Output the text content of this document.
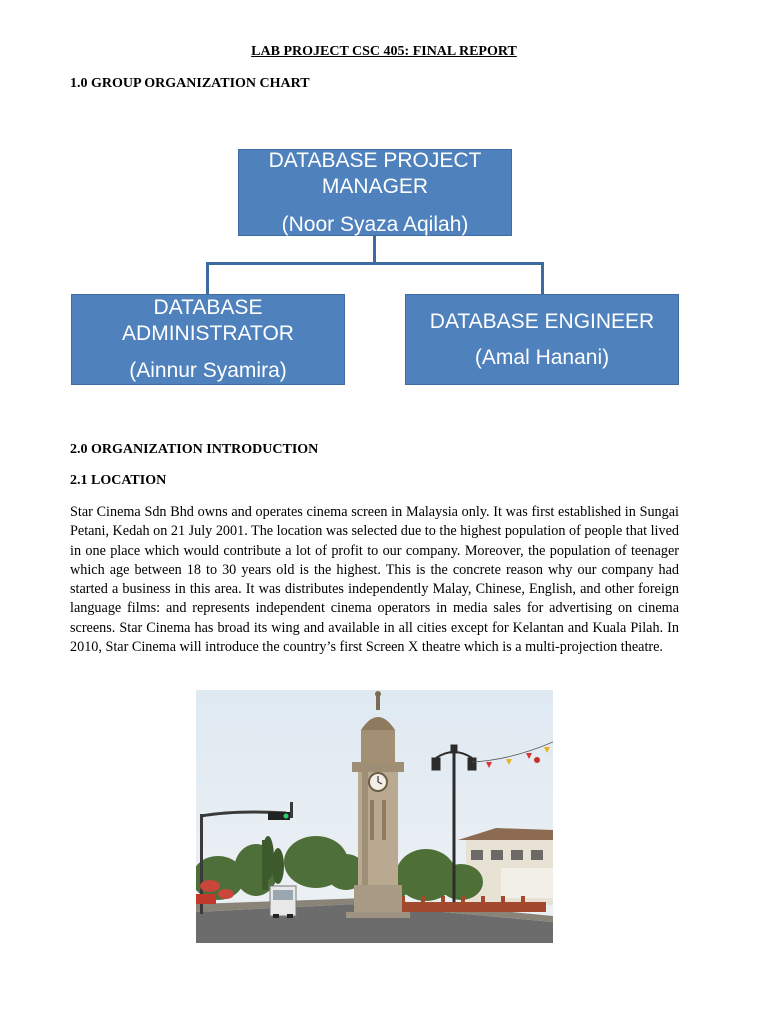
LAB PROJECT CSC 405: FINAL REPORT
1.0 GROUP ORGANIZATION CHART
DATABASE PROJECT
MANAGER
(Noor Syaza Aqilah)
DATABASE
ADMINISTRATOR
(Ainnur Syamira)
DATABASE ENGINEER
(Amal Hanani)
2.0 ORGANIZATION INTRODUCTION
2.1 LOCATION

Star Cinema Sdn Bhd owns and operates cinema screen in Malaysia only. It was first established in Sungai Petani, Kedah on 21 July 2001. The location was selected due to the highest population of people that lived in one place which would contribute a lot of profit to our company. Moreover, the population of teenager which age between 18 to 30 years old is the highest. This is the concrete reason why our company had started a business in this area. It was distributes independently Malay, Chinese, English, and other foreign language films: and represents independent cinema operators in media sales for advertising on cinema screens. Star Cinema has broad its wing and available in all cities except for Kelantan and Kuala Pilah. In 2010, Star Cinema will introduce the country’s first Screen X theatre which is a multi-projection theatre.
